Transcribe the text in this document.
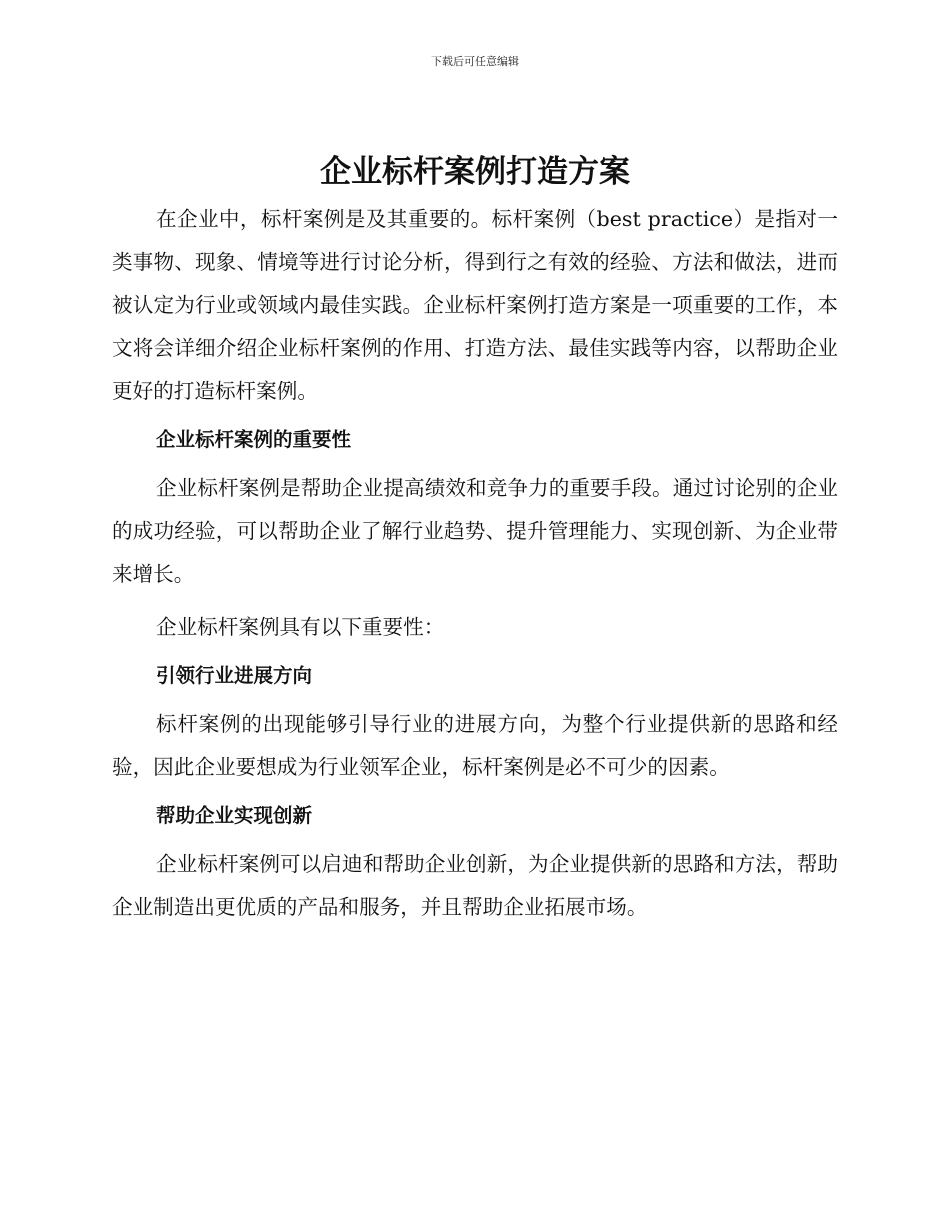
下载后可任意编辑
企业标杆案例打造方案

在企业中，标杆案例是及其重要的。标杆案例（best practice）是指对一类事物、现象、情境等进行讨论分析，得到行之有效的经验、方法和做法，进而被认定为行业或领域内最佳实践。企业标杆案例打造方案是一项重要的工作，本文将会详细介绍企业标杆案例的作用、打造方法、最佳实践等内容，以帮助企业更好的打造标杆案例。

企业标杆案例的重要性

企业标杆案例是帮助企业提高绩效和竞争力的重要手段。通过讨论别的企业的成功经验，可以帮助企业了解行业趋势、提升管理能力、实现创新、为企业带来增长。

企业标杆案例具有以下重要性：

引领行业进展方向

标杆案例的出现能够引导行业的进展方向，为整个行业提供新的思路和经验，因此企业要想成为行业领军企业，标杆案例是必不可少的因素。

帮助企业实现创新

企业标杆案例可以启迪和帮助企业创新，为企业提供新的思路和方法，帮助企业制造出更优质的产品和服务，并且帮助企业拓展市场。
